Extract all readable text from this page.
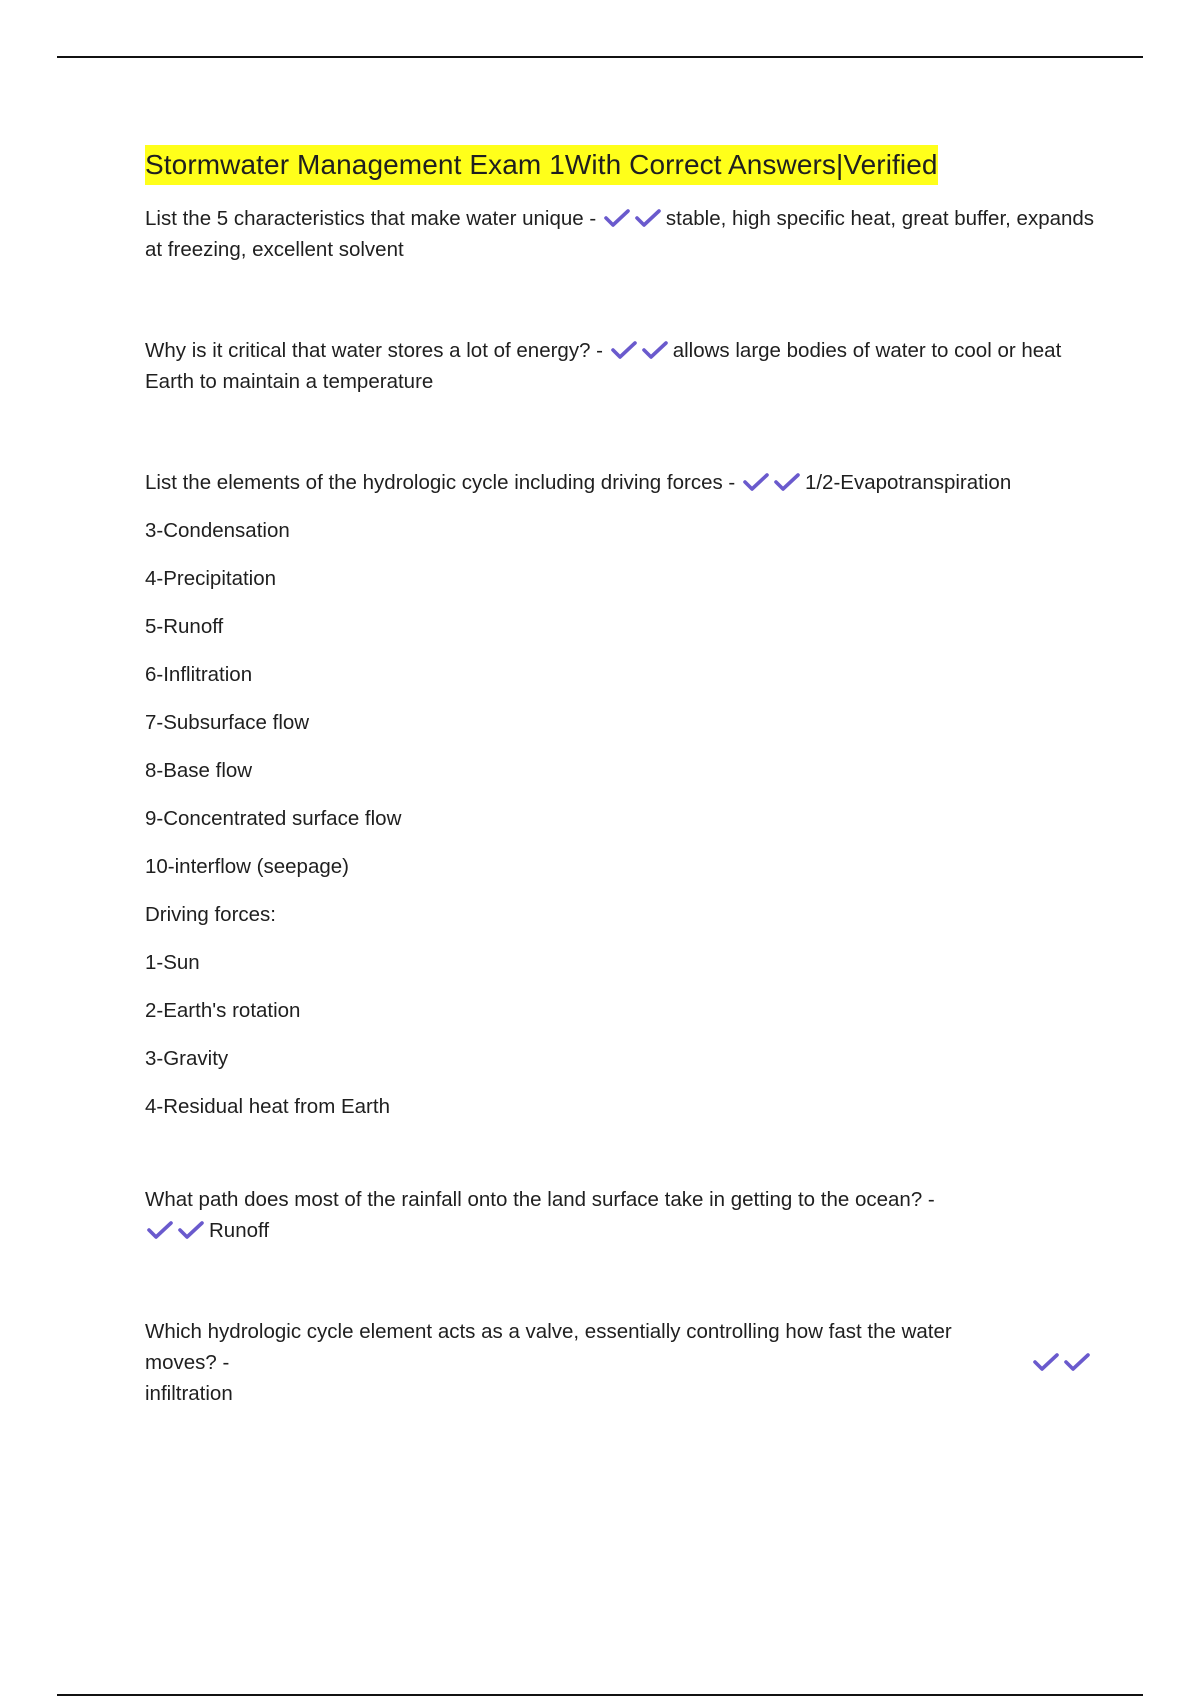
Stormwater Management Exam 1With Correct Answers|Verified

List the 5 characteristics that make water unique -	stable, high specific heat, great buffer, expands at freezing, excellent solvent

Why is it critical that water stores a lot of energy? -	allows large bodies of water to cool or heat Earth to maintain a temperature

List the elements of the hydrologic cycle including driving forces -	1/2-Evapotranspiration

3-Condensation

4-Precipitation

5-Runoff

6-Inflitration

7-Subsurface flow

8-Base flow

9-Concentrated surface flow

10-interflow (seepage)

Driving forces:

1-Sun

2-Earth's rotation

3-Gravity

4-Residual heat from Earth

What path does most of the rainfall onto the land surface take in getting to the ocean? -

Runoff

Which hydrologic cycle element acts as a valve, essentially controlling how fast the water moves? -
infiltration
